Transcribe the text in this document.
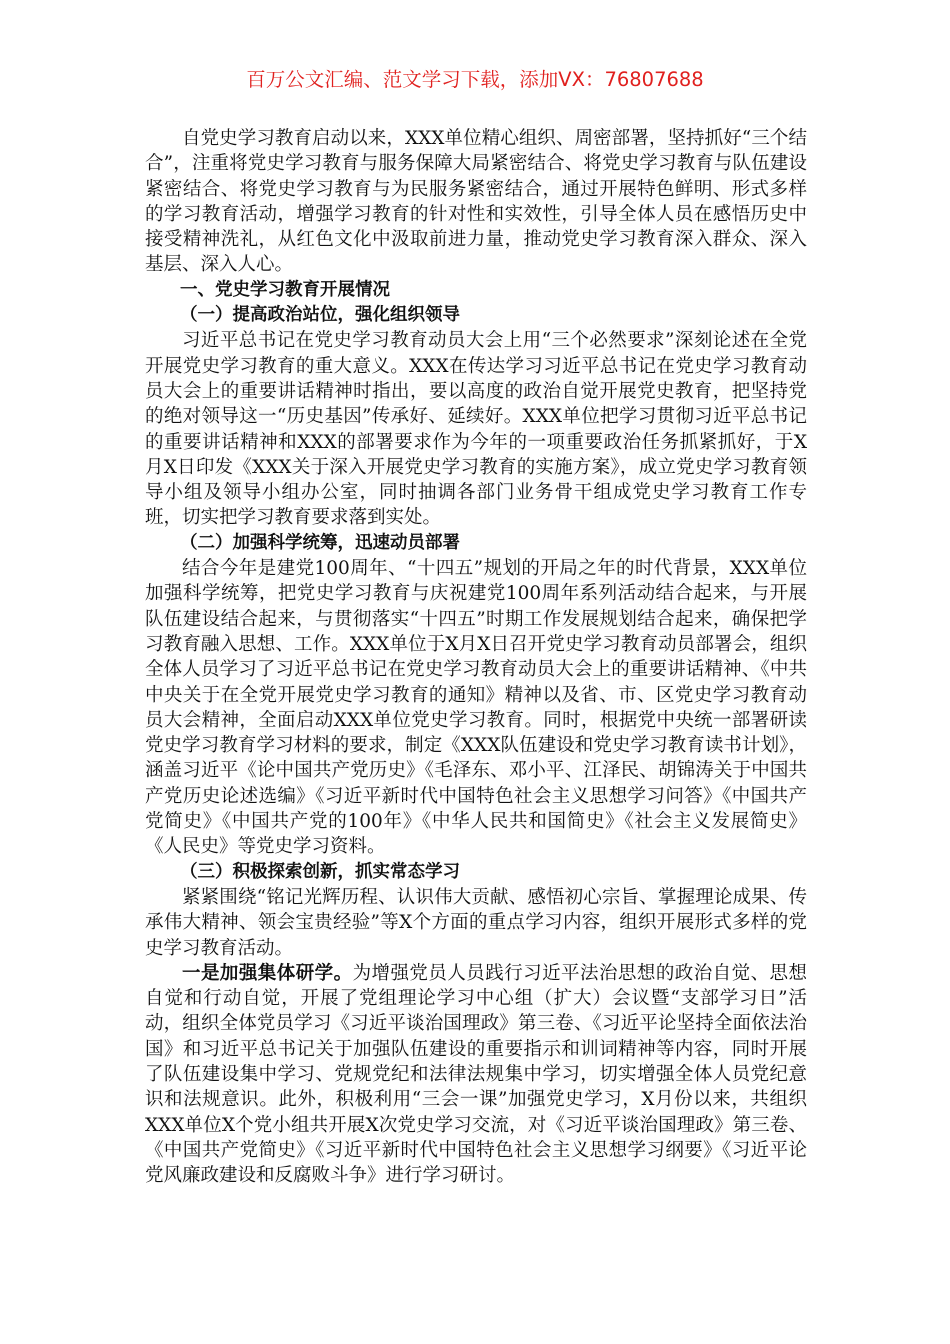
百万公文汇编、范文学习下载，添加VX：76807688

自党史学习教育启动以来，XXX单位精心组织、周密部署，坚持抓好“三个结合”，注重将党史学习教育与服务保障大局紧密结合、将党史学习教育与队伍建设紧密结合、将党史学习教育与为民服务紧密结合，通过开展特色鲜明、形式多样的学习教育活动，增强学习教育的针对性和实效性，引导全体人员在感悟历史中接受精神洗礼，从红色文化中汲取前进力量，推动党史学习教育深入群众、深入基层、深入人心。

一、党史学习教育开展情况

（一）提高政治站位，强化组织领导

习近平总书记在党史学习教育动员大会上用“三个必然要求”深刻论述在全党开展党史学习教育的重大意义。XXX在传达学习习近平总书记在党史学习教育动员大会上的重要讲话精神时指出，要以高度的政治自觉开展党史教育，把坚持党的绝对领导这一“历史基因”传承好、延续好。XXX单位把学习贯彻习近平总书记的重要讲话精神和XXX的部署要求作为今年的一项重要政治任务抓紧抓好，于X月X日印发《XXX关于深入开展党史学习教育的实施方案》，成立党史学习教育领导小组及领导小组办公室，同时抽调各部门业务骨干组成党史学习教育工作专班，切实把学习教育要求落到实处。

（二）加强科学统筹，迅速动员部署

结合今年是建党100周年、“十四五”规划的开局之年的时代背景，XXX单位加强科学统筹，把党史学习教育与庆祝建党100周年系列活动结合起来，与开展队伍建设结合起来，与贯彻落实“十四五”时期工作发展规划结合起来，确保把学习教育融入思想、工作。XXX单位于X月X日召开党史学习教育动员部署会，组织全体人员学习了习近平总书记在党史学习教育动员大会上的重要讲话精神、《中共中央关于在全党开展党史学习教育的通知》精神以及省、市、区党史学习教育动员大会精神，全面启动XXX单位党史学习教育。同时，根据党中央统一部署研读党史学习教育学习材料的要求，制定《XXX队伍建设和党史学习教育读书计划》，涵盖习近平《论中国共产党历史》《毛泽东、邓小平、江泽民、胡锦涛关于中国共产党历史论述选编》《习近平新时代中国特色社会主义思想学习问答》《中国共产党简史》《中国共产党的100年》《中华人民共和国简史》《社会主义发展简史》《人民史》等党史学习资料。

（三）积极探索创新，抓实常态学习

紧紧围绕“铭记光辉历程、认识伟大贡献、感悟初心宗旨、掌握理论成果、传承伟大精神、领会宝贵经验”等X个方面的重点学习内容，组织开展形式多样的党史学习教育活动。

一是加强集体研学。为增强党员人员践行习近平法治思想的政治自觉、思想自觉和行动自觉，开展了党组理论学习中心组（扩大）会议暨“支部学习日”活动，组织全体党员学习《习近平谈治国理政》第三卷、《习近平论坚持全面依法治国》和习近平总书记关于加强队伍建设的重要指示和训词精神等内容，同时开展了队伍建设集中学习、党规党纪和法律法规集中学习，切实增强全体人员党纪意识和法规意识。此外，积极利用“三会一课”加强党史学习，X月份以来，共组织XXX单位X个党小组共开展X次党史学习交流，对《习近平谈治国理政》第三卷、《中国共产党简史》《习近平新时代中国特色社会主义思想学习纲要》《习近平论党风廉政建设和反腐败斗争》进行学习研讨。
